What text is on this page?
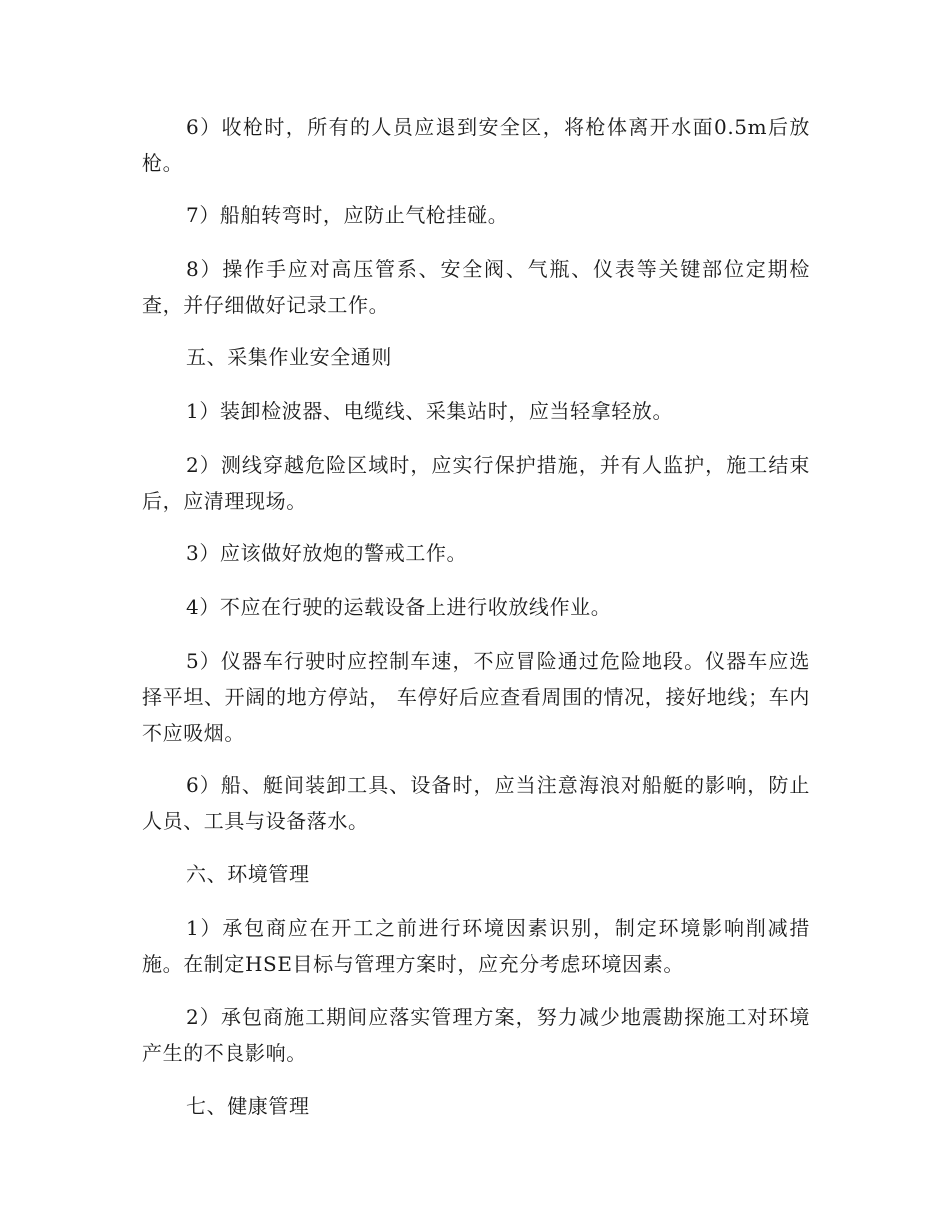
6）收枪时，所有的人员应退到安全区，将枪体离开水面0.5m后放枪。

7）船舶转弯时，应防止气枪挂碰。

8）操作手应对高压管系、安全阀、气瓶、仪表等关键部位定期检查，并仔细做好记录工作。

五、采集作业安全通则

1）装卸检波器、电缆线、采集站时，应当轻拿轻放。

2）测线穿越危险区域时，应实行保护措施，并有人监护，施工结束后，应清理现场。

3）应该做好放炮的警戒工作。

4）不应在行驶的运载设备上进行收放线作业。

5）仪器车行驶时应控制车速，不应冒险通过危险地段。仪器车应选择平坦、开阔的地方停站， 车停好后应查看周围的情况，接好地线；车内不应吸烟。

6）船、艇间装卸工具、设备时，应当注意海浪对船艇的影响，防止人员、工具与设备落水。

六、环境管理

1）承包商应在开工之前进行环境因素识别，制定环境影响削减措施。在制定HSE目标与管理方案时，应充分考虑环境因素。

2）承包商施工期间应落实管理方案，努力减少地震勘探施工对环境产生的不良影响。

七、健康管理
